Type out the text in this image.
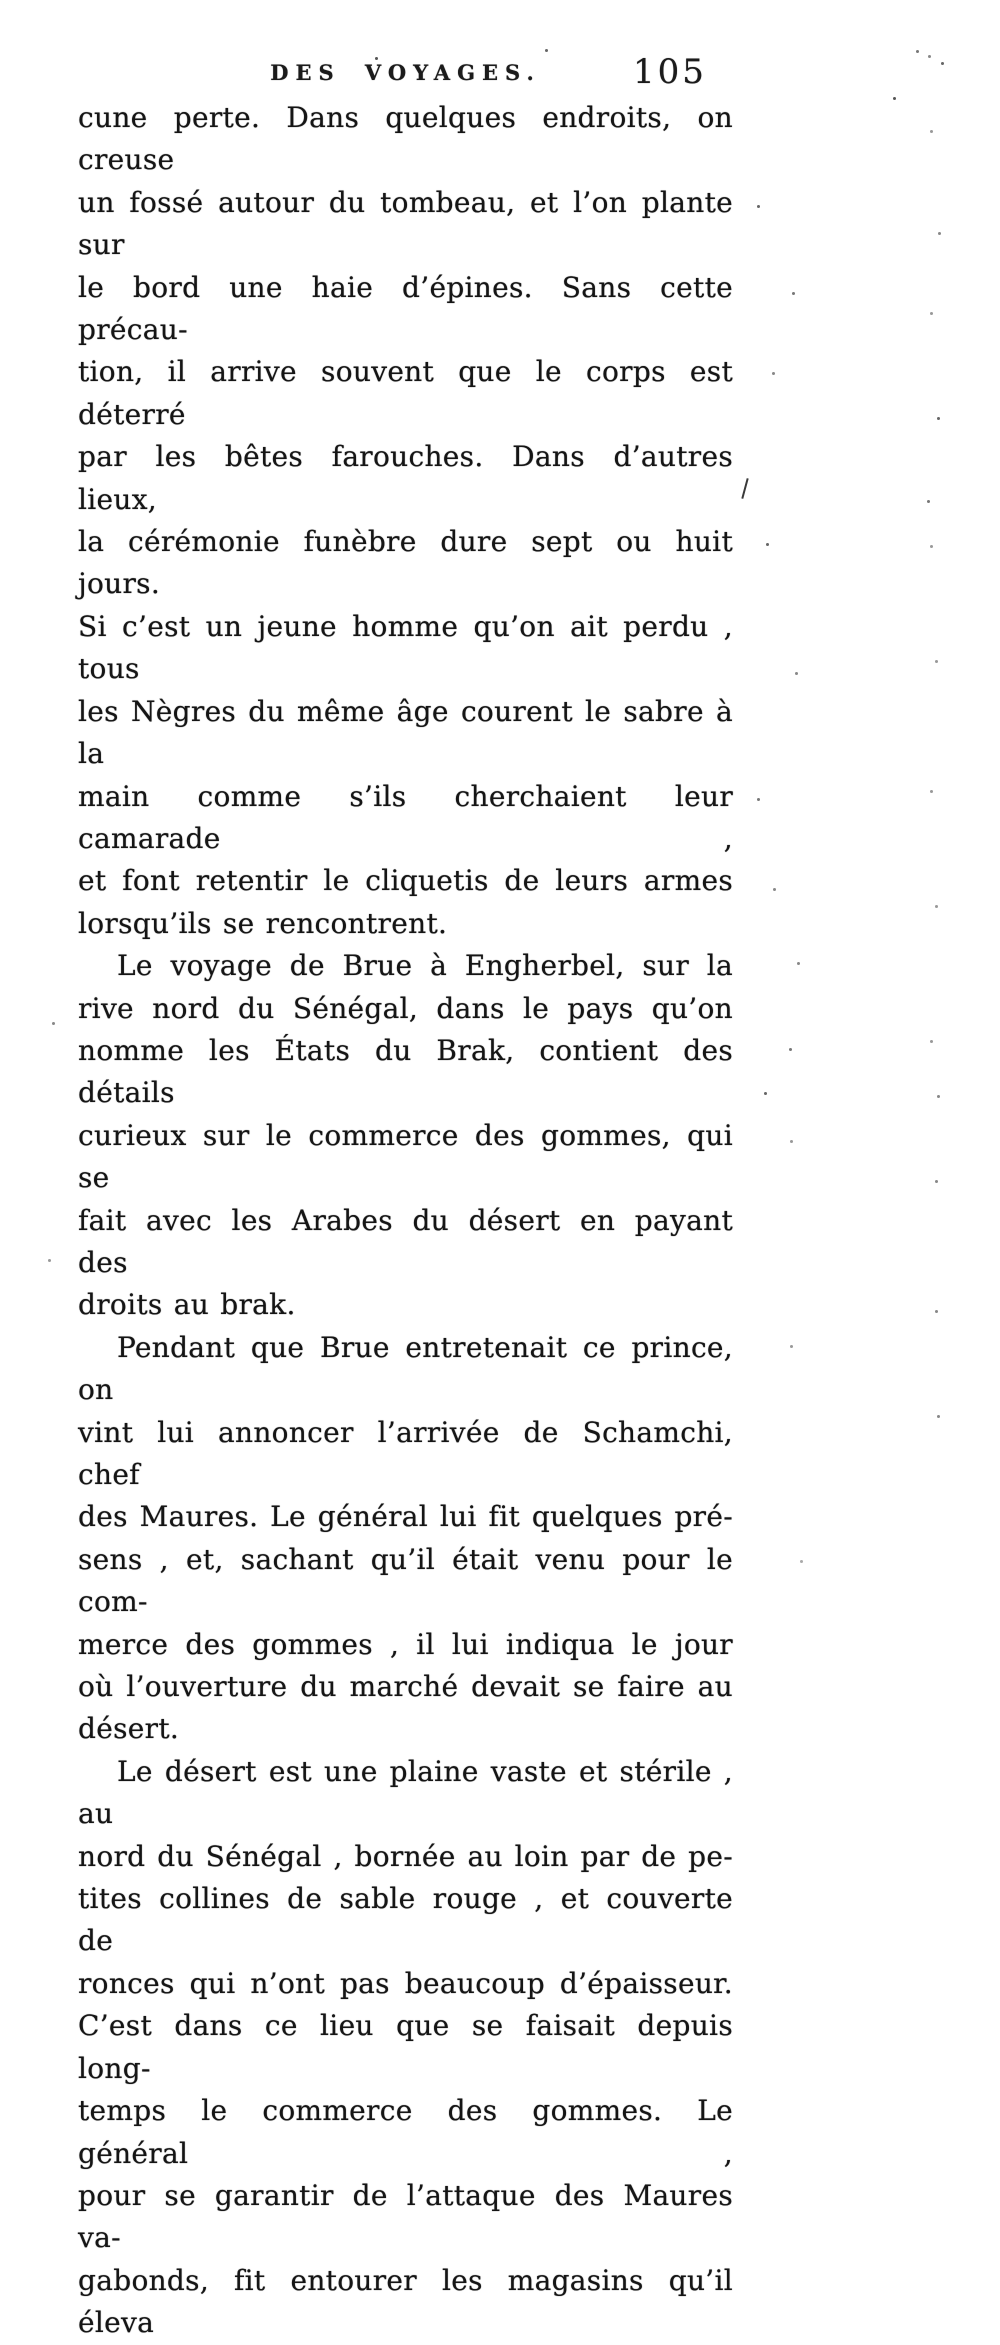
DES VOYAGES.	105
cune perte. Dans quelques endroits, on creuse
un fossé autour du tombeau, et l’on plante sur
le bord une haie d’épines. Sans cette précau-
tion, il arrive souvent que le corps est déterré
par les bêtes farouches. Dans d’autres lieux,
la cérémonie funèbre dure sept ou huit jours.
Si c’est un jeune homme qu’on ait perdu , tous
les Nègres du même âge courent le sabre à la
main comme s’ils cherchaient leur camarade ,
et font retentir le cliquetis de leurs armes
lorsqu’ils se rencontrent.
Le voyage de Brue à Engherbel, sur la
rive nord du Sénégal, dans le pays qu’on
nomme les États du Brak, contient des détails
curieux sur le commerce des gommes, qui se
fait avec les Arabes du désert en payant des
droits au brak.
Pendant que Brue entretenait ce prince, on
vint lui annoncer l’arrivée de Schamchi, chef
des Maures. Le général lui fit quelques pré-
sens , et, sachant qu’il était venu pour le com-
merce des gommes , il lui indiqua le jour
où l’ouverture du marché devait se faire au
désert.
Le désert est une plaine vaste et stérile , au
nord du Sénégal , bornée au loin par de pe-
tites collines de sable rouge , et couverte de
ronces qui n’ont pas beaucoup d’épaisseur.
C’est dans ce lieu que se faisait depuis long-
temps le commerce des gommes. Le général ,
pour se garantir de l’attaque des Maures va-
gabonds, fit entourer les magasins qu’il éleva
